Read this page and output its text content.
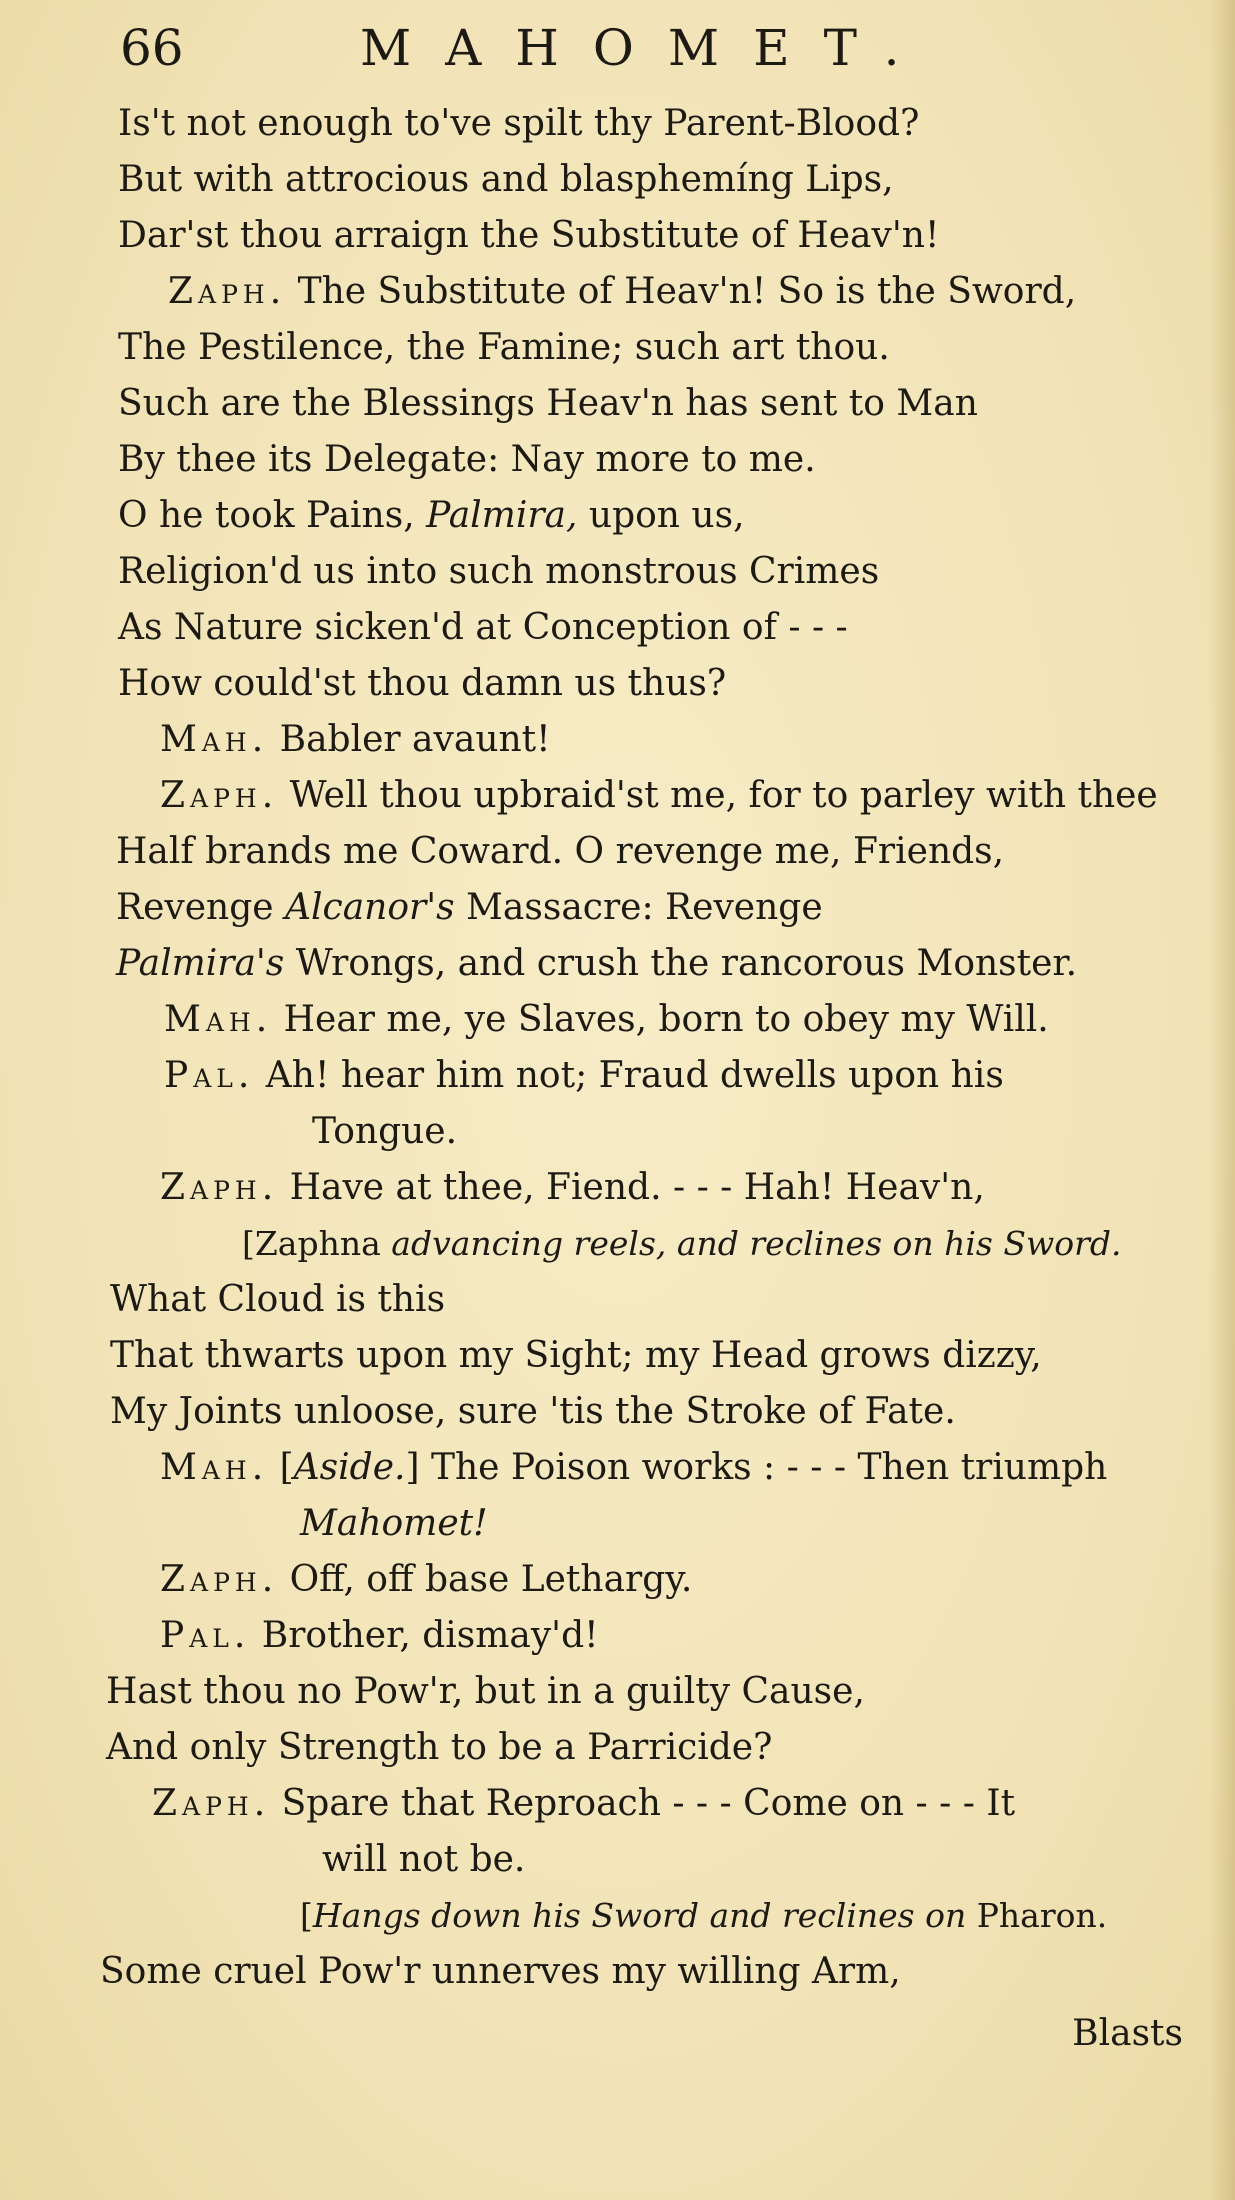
66	MAHOMET.
Is't not enough to've spilt thy Parent-Blood?
But with attrocious and blasphemíng Lips,
Dar'st thou arraign the Substitute of Heav'n!
Zaph. The Substitute of Heav'n! So is the Sword,
The Pestilence, the Famine; such art thou.
Such are the Blessings Heav'n has sent to Man
By thee its Delegate: Nay more to me.
O he took Pains, Palmira, upon us,
Religion'd us into such monstrous Crimes
As Nature sicken'd at Conception of - - -
How could'st thou damn us thus?
Mah. Babler avaunt!
Zaph. Well thou upbraid'st me, for to parley with thee
Half brands me Coward. O revenge me, Friends,
Revenge Alcanor's Massacre: Revenge
Palmira's Wrongs, and crush the rancorous Monster.
Mah. Hear me, ye Slaves, born to obey my Will.
Pal. Ah! hear him not; Fraud dwells upon his
Tongue.
Zaph. Have at thee, Fiend. - - - Hah! Heav'n,
[Zaphna advancing reels, and reclines on his Sword.
What Cloud is this
That thwarts upon my Sight; my Head grows dizzy,
My Joints unloose, sure 'tis the Stroke of Fate.
Mah. [Aside.] The Poison works : - - - Then triumph
Mahomet!
Zaph. Off, off base Lethargy.
Pal. Brother, dismay'd!
Hast thou no Pow'r, but in a guilty Cause,
And only Strength to be a Parricide?
Zaph. Spare that Reproach - - - Come on - - - It
will not be.
[Hangs down his Sword and reclines on Pharon.
Some cruel Pow'r unnerves my willing Arm,
Blasts
